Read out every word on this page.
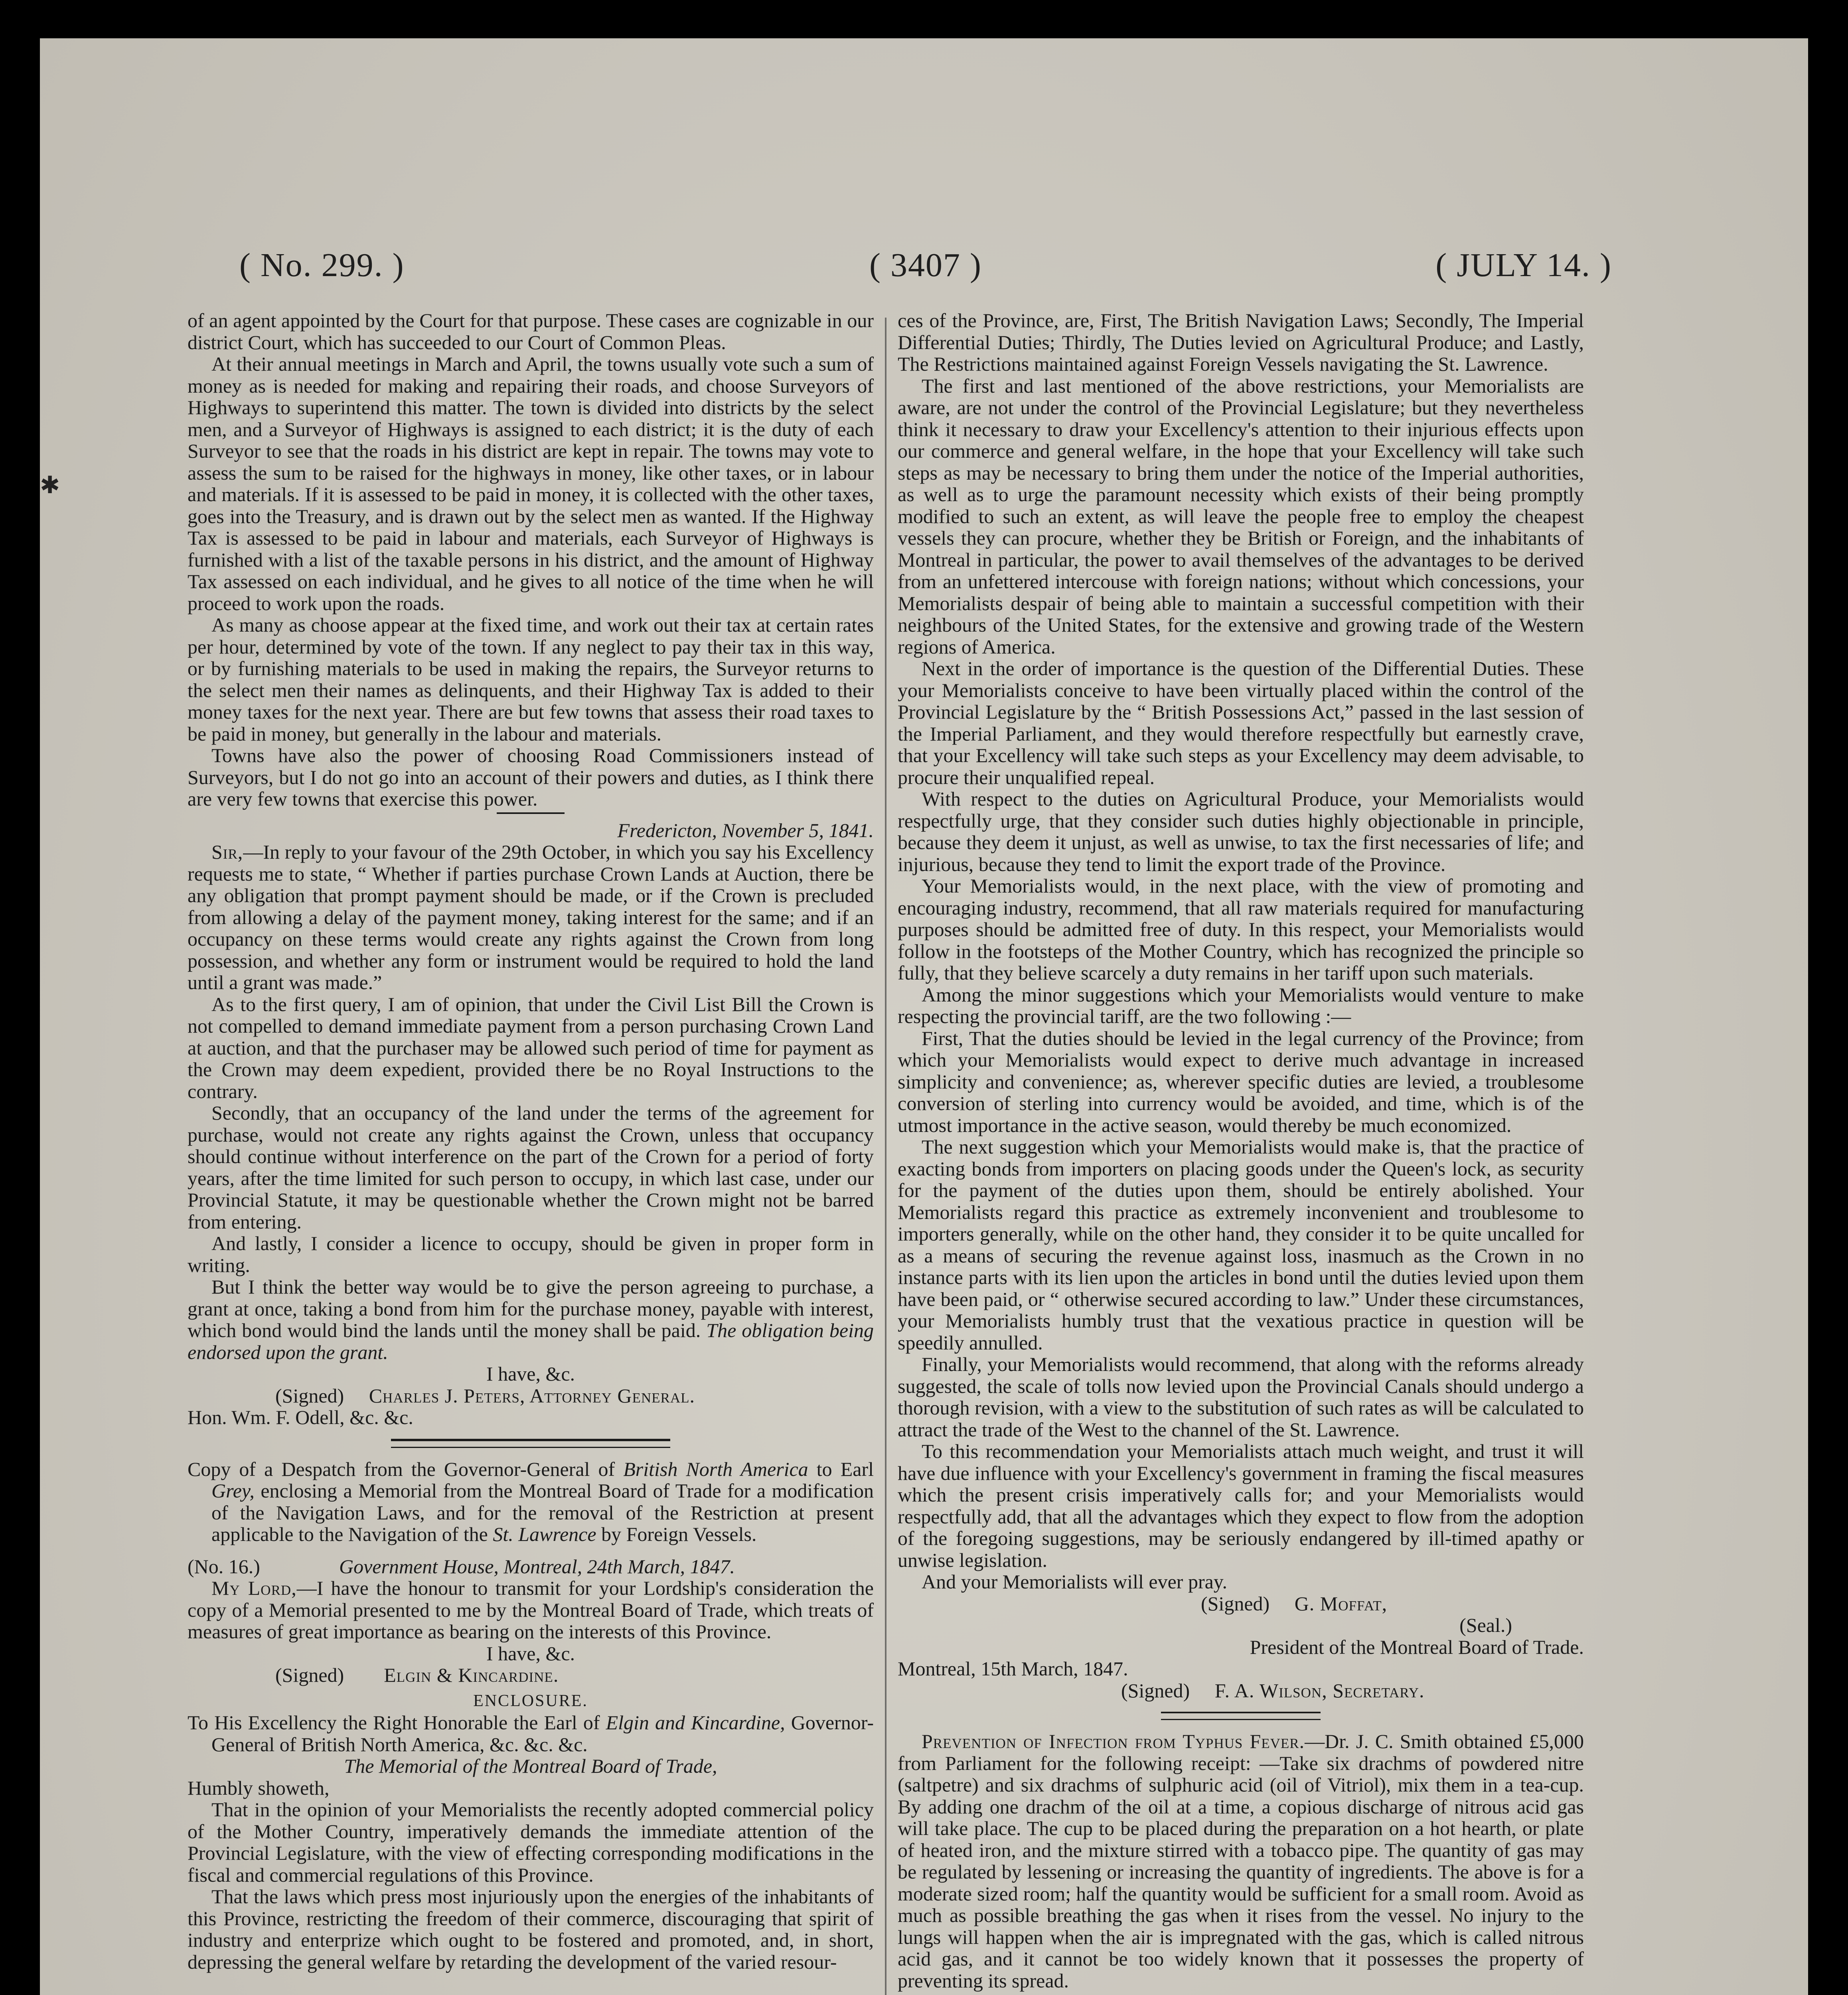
✱
( No. 299. )	( 3407 )	( JULY 14. )

of an agent appointed by the Court for that purpose. These cases are cognizable in our district Court, which has succeeded to our Court of Common Pleas.

At their annual meetings in March and April, the towns usually vote such a sum of money as is needed for making and repairing their roads, and choose Surveyors of Highways to superintend this matter. The town is divided into districts by the select men, and a Surveyor of Highways is assigned to each district; it is the duty of each Surveyor to see that the roads in his district are kept in repair. The towns may vote to assess the sum to be raised for the highways in money, like other taxes, or in labour and materials. If it is assessed to be paid in money, it is collected with the other taxes, goes into the Treasury, and is drawn out by the select men as wanted. If the Highway Tax is assessed to be paid in labour and materials, each Surveyor of Highways is furnished with a list of the taxable persons in his district, and the amount of Highway Tax assessed on each individual, and he gives to all notice of the time when he will proceed to work upon the roads.

As many as choose appear at the fixed time, and work out their tax at certain rates per hour, determined by vote of the town. If any neglect to pay their tax in this way, or by furnishing materials to be used in making the repairs, the Surveyor returns to the select men their names as delinquents, and their Highway Tax is added to their money taxes for the next year. There are but few towns that assess their road taxes to be paid in money, but generally in the labour and materials.

Towns have also the power of choosing Road Commissioners instead of Surveyors, but I do not go into an account of their powers and duties, as I think there are very few towns that exercise this power.

Fredericton, November 5, 1841.

Sir,—In reply to your favour of the 29th October, in which you say his Excellency requests me to state, “ Whether if parties purchase Crown Lands at Auction, there be any obligation that prompt payment should be made, or if the Crown is precluded from allowing a delay of the payment money, taking interest for the same; and if an occupancy on these terms would create any rights against the Crown from long possession, and whether any form or instrument would be required to hold the land until a grant was made.”

As to the first query, I am of opinion, that under the Civil List Bill the Crown is not compelled to demand immediate payment from a person purchasing Crown Land at auction, and that the purchaser may be allowed such period of time for payment as the Crown may deem expedient, provided there be no Royal Instructions to the contrary.

Secondly, that an occupancy of the land under the terms of the agreement for purchase, would not create any rights against the Crown, unless that occupancy should continue without interference on the part of the Crown for a period of forty years, after the time limited for such person to occupy, in which last case, under our Provincial Statute, it may be questionable whether the Crown might not be barred from entering.

And lastly, I consider a licence to occupy, should be given in proper form in writing.

But I think the better way would be to give the person agreeing to purchase, a grant at once, taking a bond from him for the purchase money, payable with interest, which bond would bind the lands until the money shall be paid. The obligation being endorsed upon the grant.

I have, &c.

(Signed) Charles J. Peters, Attorney General.

Hon. Wm. F. Odell, &c. &c.

Copy of a Despatch from the Governor-General of British North America to Earl Grey, enclosing a Memorial from the Montreal Board of Trade for a modification of the Navigation Laws, and for the removal of the Restriction at present applicable to the Navigation of the St. Lawrence by Foreign Vessels.

(No. 16.)	Government House, Montreal, 24th March, 1847.

My Lord,—I have the honour to transmit for your Lordship's consideration the copy of a Memorial presented to me by the Montreal Board of Trade, which treats of measures of great importance as bearing on the interests of this Province.

I have, &c.

(Signed) Elgin & Kincardine.

ENCLOSURE.

To His Excellency the Right Honorable the Earl of Elgin and Kincardine, Governor-General of British North America, &c. &c. &c.

The Memorial of the Montreal Board of Trade,

Humbly showeth,

That in the opinion of your Memorialists the recently adopted commercial policy of the Mother Country, imperatively demands the immediate attention of the Provincial Legislature, with the view of effecting corresponding modifications in the fiscal and commercial regulations of this Province.

That the laws which press most injuriously upon the energies of the inhabitants of this Province, restricting the freedom of their commerce, discouraging that spirit of industry and enterprize which ought to be fostered and promoted, and, in short, depressing the general welfare by retarding the development of the varied resour-

ces of the Province, are, First, The British Navigation Laws; Secondly, The Imperial Differential Duties; Thirdly, The Duties levied on Agricultural Produce; and Lastly, The Restrictions maintained against Foreign Vessels navigating the St. Lawrence.

The first and last mentioned of the above restrictions, your Memorialists are aware, are not under the control of the Provincial Legislature; but they nevertheless think it necessary to draw your Excellency's attention to their injurious effects upon our commerce and general welfare, in the hope that your Excellency will take such steps as may be necessary to bring them under the notice of the Imperial authorities, as well as to urge the paramount necessity which exists of their being promptly modified to such an extent, as will leave the people free to employ the cheapest vessels they can procure, whether they be British or Foreign, and the inhabitants of Montreal in particular, the power to avail themselves of the advantages to be derived from an unfettered intercouse with foreign nations; without which concessions, your Memorialists despair of being able to maintain a successful competition with their neighbours of the United States, for the extensive and growing trade of the Western regions of America.

Next in the order of importance is the question of the Differential Duties. These your Memorialists conceive to have been virtually placed within the control of the Provincial Legislature by the “ British Possessions Act,” passed in the last session of the Imperial Parliament, and they would therefore respectfully but earnestly crave, that your Excellency will take such steps as your Excellency may deem advisable, to procure their unqualified repeal.

With respect to the duties on Agricultural Produce, your Memorialists would respectfully urge, that they consider such duties highly objectionable in principle, because they deem it unjust, as well as unwise, to tax the first necessaries of life; and injurious, because they tend to limit the export trade of the Province.

Your Memorialists would, in the next place, with the view of promoting and encouraging industry, recommend, that all raw materials required for manufacturing purposes should be admitted free of duty. In this respect, your Memorialists would follow in the footsteps of the Mother Country, which has recognized the principle so fully, that they believe scarcely a duty remains in her tariff upon such materials.

Among the minor suggestions which your Memorialists would venture to make respecting the provincial tariff, are the two following :—

First, That the duties should be levied in the legal currency of the Province; from which your Memorialists would expect to derive much advantage in increased simplicity and convenience; as, wherever specific duties are levied, a troublesome conversion of sterling into currency would be avoided, and time, which is of the utmost importance in the active season, would thereby be much economized.

The next suggestion which your Memorialists would make is, that the practice of exacting bonds from importers on placing goods under the Queen's lock, as security for the payment of the duties upon them, should be entirely abolished. Your Memorialists regard this practice as extremely inconvenient and troublesome to importers generally, while on the other hand, they consider it to be quite uncalled for as a means of securing the revenue against loss, inasmuch as the Crown in no instance parts with its lien upon the articles in bond until the duties levied upon them have been paid, or “ otherwise secured according to law.” Under these circumstances, your Memorialists humbly trust that the vexatious practice in question will be speedily annulled.

Finally, your Memorialists would recommend, that along with the reforms already suggested, the scale of tolls now levied upon the Provincial Canals should undergo a thorough revision, with a view to the substitution of such rates as will be calculated to attract the trade of the West to the channel of the St. Lawrence.

To this recommendation your Memorialists attach much weight, and trust it will have due influence with your Excellency's government in framing the fiscal measures which the present crisis imperatively calls for; and your Memorialists would respectfully add, that all the advantages which they expect to flow from the adoption of the foregoing suggestions, may be seriously endangered by ill-timed apathy or unwise legislation.

And your Memorialists will ever pray.

(Signed) G. Moffat,

(Seal.)

President of the Montreal Board of Trade.

Montreal, 15th March, 1847.

(Signed) F. A. Wilson, Secretary.

Prevention of Infection from Typhus Fever.—Dr. J. C. Smith obtained £5,000 from Parliament for the following receipt: —Take six drachms of powdered nitre (saltpetre) and six drachms of sulphuric acid (oil of Vitriol), mix them in a tea-cup. By adding one drachm of the oil at a time, a copious discharge of nitrous acid gas will take place. The cup to be placed during the preparation on a hot hearth, or plate of heated iron, and the mixture stirred with a tobacco pipe. The quantity of gas may be regulated by lessening or increasing the quantity of ingredients. The above is for a moderate sized room; half the quantity would be sufficient for a small room. Avoid as much as possible breathing the gas when it rises from the vessel. No injury to the lungs will happen when the air is impregnated with the gas, which is called nitrous acid gas, and it cannot be too widely known that it possesses the property of preventing its spread.
